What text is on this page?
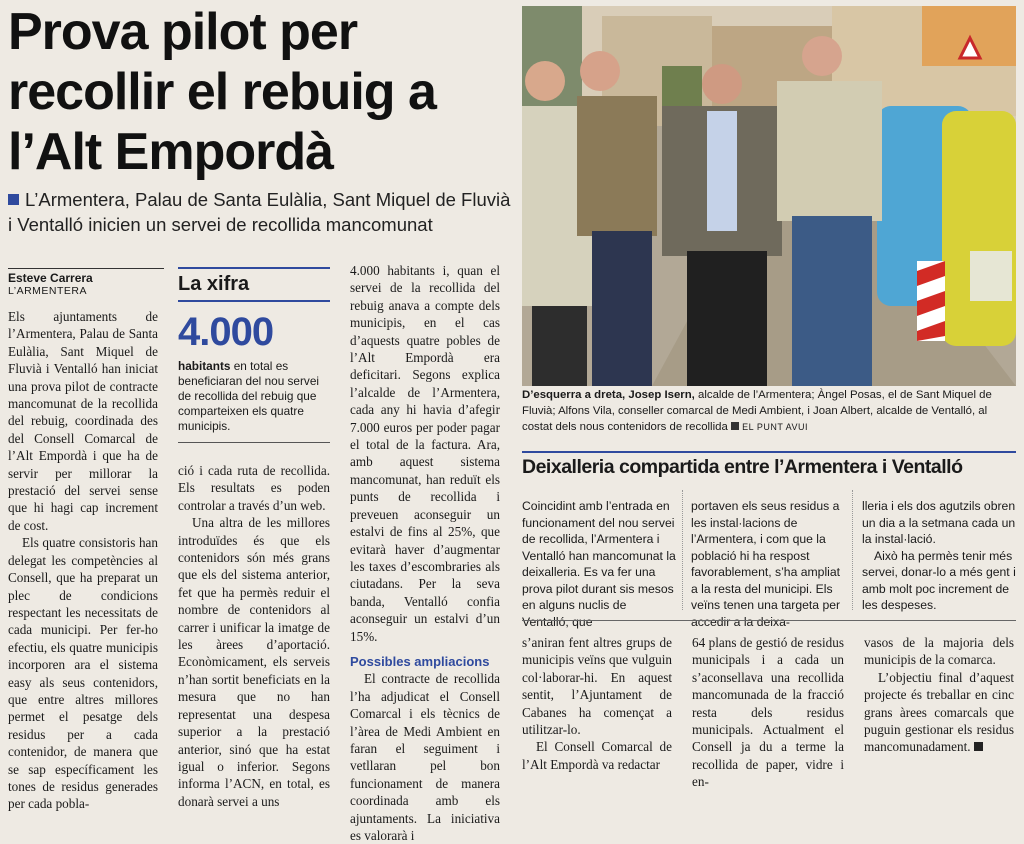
Prova pilot per recollir el rebuig a l’Alt Empordà
L’Armentera, Palau de Santa Eulàlia, Sant Miquel de Fluvià i Ventalló inicien un servei de recollida mancomunat
Esteve Carrera
L’ARMENTERA

Els ajuntaments de l’Armentera, Palau de Santa Eulàlia, Sant Miquel de Fluvià i Ventalló han iniciat una prova pilot de contracte mancomunat de la recollida del rebuig, coordinada des del Consell Comarcal de l’Alt Empordà i que ha de servir per millorar la prestació del servei sense que hi hagi cap increment de cost.

Els quatre consistoris han delegat les competències al Consell, que ha preparat un plec de condicions respectant les necessitats de cada municipi. Per fer-ho efectiu, els quatre municipis incorporen ara el sistema easy als seus contenidors, que entre altres millores permet el pesatge dels residus per a cada contenidor, de manera que se sap específicament les tones de residus generades per cada pobla-

La xifra
4.000
habitants en total es beneficiaran del nou servei de recollida del rebuig que comparteixen els quatre municipis.

ció i cada ruta de recollida. Els resultats es poden controlar a través d’un web.

Una altra de les millores introduïdes és que els contenidors són més grans que els del sistema anterior, fet que ha permès reduir el nombre de contenidors al carrer i unificar la imatge de les àrees d’aportació. Econòmicament, els serveis n’han sortit beneficiats en la mesura que no han representat una despesa superior a la prestació anterior, sinó que ha estat igual o inferior. Segons informa l’ACN, en total, es donarà servei a uns

4.000 habitants i, quan el servei de la recollida del rebuig anava a compte dels municipis, en el cas d’aquests quatre pobles de l’Alt Empordà era deficitari. Segons explica l’alcalde de l’Armentera, cada any hi havia d’afegir 7.000 euros per poder pagar el total de la factura. Ara, amb aquest sistema mancomunat, han reduït els punts de recollida i preveuen aconseguir un estalvi de fins al 25%, que evitarà haver d’augmentar les taxes d’escombraries als ciutadans. Per la seva banda, Ventalló confia aconseguir un estalvi d’un 15%.

Possibles ampliacions

El contracte de recollida l’ha adjudicat el Consell Comarcal i els tècnics de l’àrea de Medi Ambient en faran el seguiment i vetllaran pel bon funcionament de manera coordinada amb els ajuntaments. La iniciativa es valorarà i

D’esquerra a dreta, Josep Isern, alcalde de l’Armentera; Àngel Posas, el de Sant Miquel de Fluvià; Alfons Vila, conseller comarcal de Medi Ambient, i Joan Albert, alcalde de Ventalló, al costat dels nous contenidors de recollida EL PUNT AVUI
Deixalleria compartida entre l’Armentera i Ventalló

Coincidint amb l’entrada en funcionament del nou servei de recollida, l’Armentera i Ventalló han mancomunat la deixalleria. Es va fer una prova pilot durant sis mesos en alguns nuclis de Ventalló, que

portaven els seus residus a les instal·lacions de l’Armentera, i com que la població hi ha respost favorablement, s’ha ampliat a la resta del municipi. Els veïns tenen una targeta per accedir a la deixa-

lleria i els dos agutzils obren un dia a la setmana cada un la instal·lació.

Això ha permès tenir més servei, donar-lo a més gent i amb molt poc increment de les despeses.

s’aniran fent altres grups de municipis veïns que vulguin col·laborar-hi. En aquest sentit, l’Ajuntament de Cabanes ha començat a utilitzar-lo.

El Consell Comarcal de l’Alt Empordà va redactar

64 plans de gestió de residus municipals i a cada un s’aconsellava una recollida mancomunada de la fracció resta dels residus municipals. Actualment el Consell ja du a terme la recollida de paper, vidre i en-

vasos de la majoria dels municipis de la comarca.

L’objectiu final d’aquest projecte és treballar en cinc grans àrees comarcals que puguin gestionar els residus mancomunadament.
